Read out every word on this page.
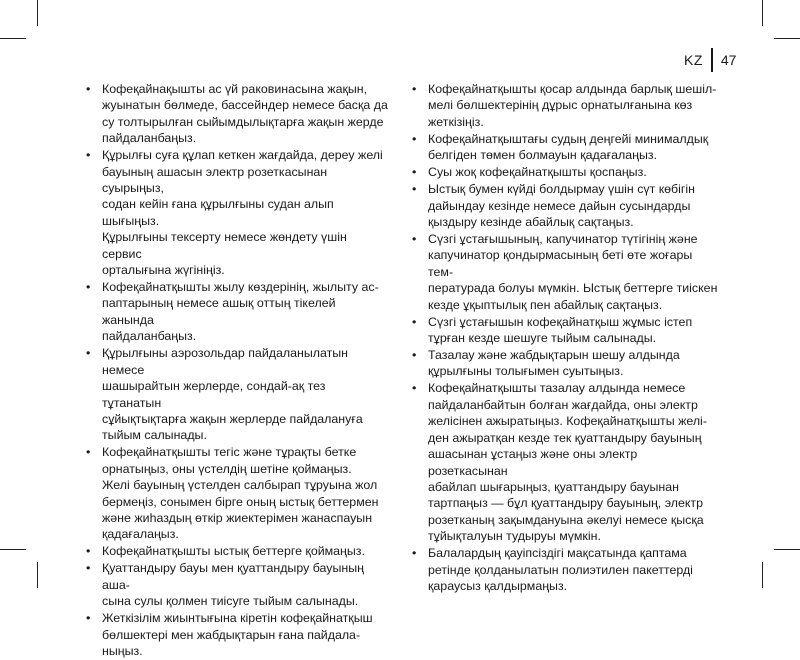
KZ 47
• Кофеқайнақышты ас үй раковинасына жақын,
жуынатын бөлмеде, бассейндер немесе басқа да
су толтырылған сыйымдылықтарға жақын жерде
пайдаланбаңыз.
• Құрылғы суға құлап кеткен жағдайда, дереу желі
бауының ашасын электр розеткасынан суырыңыз,
содан кейін ғана құрылғыны судан алып шығыңыз.
Құрылғыны тексерту немесе жөндету үшін сервис
орталығына жүгініңіз.
• Кофеқайнатқышты жылу көздерінің, жылыту ас-
паптарының немесе ашық оттың тікелей жанында
пайдаланбаңыз.
• Құрылғыны аэрозольдар пайдаланылатын немесе
шашырайтын жерлерде, сондай-ақ тез тұтанатын
сұйықтықтарға жақын жерлерде пайдалануға
тыйым салынады.
• Кофеқайнатқышты тегіс және тұрақты бетке
орнатыңыз, оны үстелдің шетіне қоймаңыз.
Желі бауының үстелден салбырап тұруына жол
бермеңіз, сонымен бірге оның ыстық беттермен
және жиһаздың өткір жиектерімен жанаспауын
қадағалаңыз.
• Кофеқайнатқышты ыстық беттерге қоймаңыз.
• Қуаттандыру бауы мен қуаттандыру бауының аша-
сына сулы қолмен тиісуге тыйым салынады.
• Жеткізілім жиынтығына кіретін кофеқайнатқыш
бөлшектері мен жабдықтарын ғана пайдала-
ныңыз.
• Кофеқайнатқышты қосар алдында барлық шешіл-
мелі бөлшектерінің дұрыс орнатылғанына көз
жеткізіңіз.
• Кофеқайнатқыштағы судың деңгейі минималдық
белгіден төмен болмауын қадағалаңыз.
• Суы жоқ кофеқайнатқышты қоспаңыз.
• Ыстық бумен күйді болдырмау үшін сүт көбігін
дайындау кезінде немесе дайын сусындарды
қыздыру кезінде абайлық сақтаңыз.
• Сүзгі ұстағышының, капучинатор түтігінің және
капучинатор қондырмасының беті өте жоғары тем-
пературада болуы мүмкін. Ыстық беттерге тиіскен
кезде ұқыптылық пен абайлық сақтаңыз.
• Сүзгі ұстағышын кофеқайнатқыш жұмыс істеп
тұрған кезде шешуге тыйым салынады.
• Тазалау және жабдықтарын шешу алдында
құрылғыны толығымен суытыңыз.
• Кофеқайнатқышты тазалау алдында немесе
пайдаланбайтын болған жағдайда, оны электр
желісінен ажыратыңыз. Кофеқайнатқышты желі-
ден ажыратқан кезде тек қуаттандыру бауының
ашасынан ұстаңыз және оны электр розеткасынан
абайлап шығарыңыз, қуаттандыру бауынан
тартпаңыз — бұл қуаттандыру бауының, электр
розетканың зақымдануына әкелуі немесе қысқа
тұйықталуын тудыруы мүмкін.
• Балалардың қауіпсіздігі мақсатында қаптама
ретінде қолданылатын полиэтилен пакеттерді
қараусыз қалдырмаңыз.
